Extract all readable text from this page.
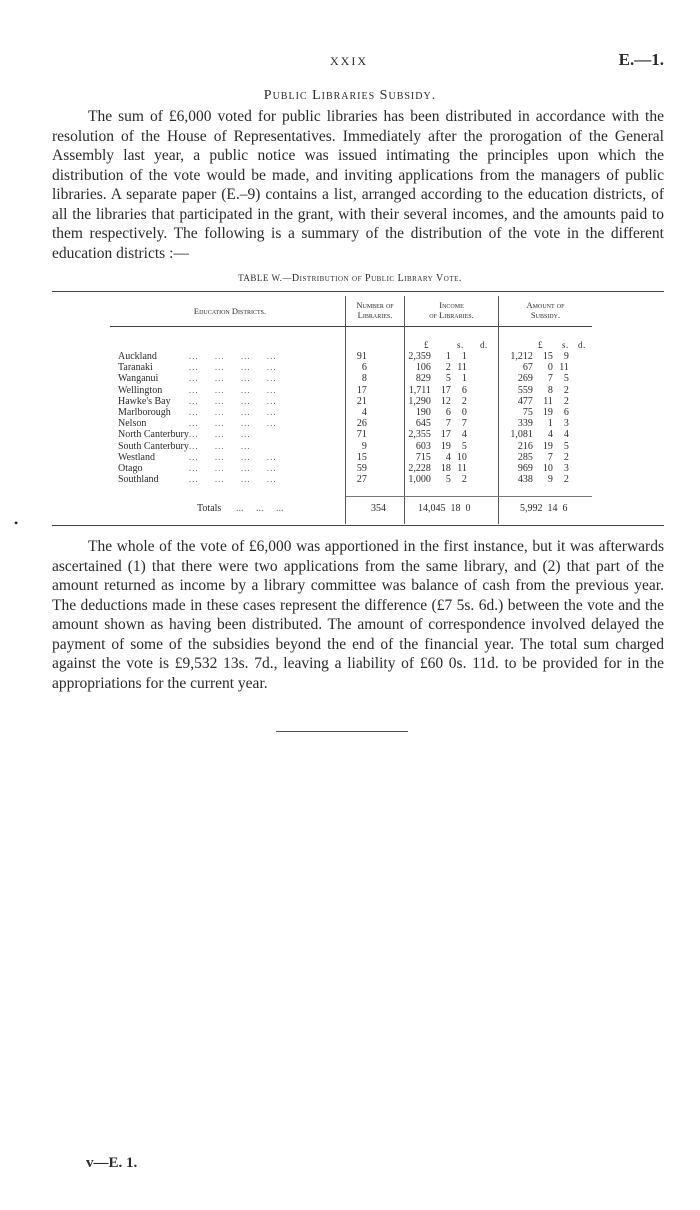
XXIX	E.—1.
Public Libraries Subsidy.

The sum of £6,000 voted for public libraries has been distributed in accordance with the resolution of the House of Representatives. Immediately after the prorogation of the General Assembly last year, a public notice was issued intimating the principles upon which the distribution of the vote would be made, and inviting applications from the managers of public libraries. A separate paper (E.–9) contains a list, arranged according to the education districts, of all the libraries that participated in the grant, with their several incomes, and the amounts paid to them respectively. The following is a summary of the distribution of the vote in the different education districts :—

TABLE W.—Distribution of Public Library Vote.
Education Districts.
Number of
Libraries.
Income
of Libraries.
Amount of
Subsidy.
£	s. d.	£ s. d.
Auckland	...     ...     ...     ...	91		2,359	1	1		1,212	15	9
Taranaki	...     ...     ...     ...	6		106	2	11		67	0	11
Wanganui	...     ...     ...     ...	8		829	5	1		269	7	5
Wellington	...     ...     ...     ...	17		1,711	17	6		559	8	2
Hawke's Bay	...     ...     ...     ...	21		1,290	12	2		477	11	2
Marlborough	...     ...     ...     ...	4		190	6	0		75	19	6
Nelson	...     ...     ...     ...	26		645	7	7		339	1	3
North Canterbury	...     ...     ...	71		2,355	17	4		1,081	4	4
South Canterbury	...     ...     ...	9		603	19	5		216	19	5
Westland	...     ...     ...     ...	15		715	4	10		285	7	2
Otago	...     ...     ...     ...	59		2,228	18	11		969	10	3
Southland	...     ...     ...     ...	27		1,000	5	2		438	9	2
Totals ...     ...     ...	354	14,045  18  0	5,992  14  6

The whole of the vote of £6,000 was apportioned in the first instance, but it was afterwards ascertained (1) that there were two applications from the same library, and (2) that part of the amount returned as income by a library committee was balance of cash from the previous year. The deductions made in these cases represent the difference (£7 5s. 6d.) between the vote and the amount shown as having been distributed. The amount of correspondence involved delayed the payment of some of the subsidies beyond the end of the financial year. The total sum charged against the vote is £9,532 13s. 7d., leaving a liability of £60 0s. 11d. to be provided for in the appropriations for the current year.

•
v—E. 1.
